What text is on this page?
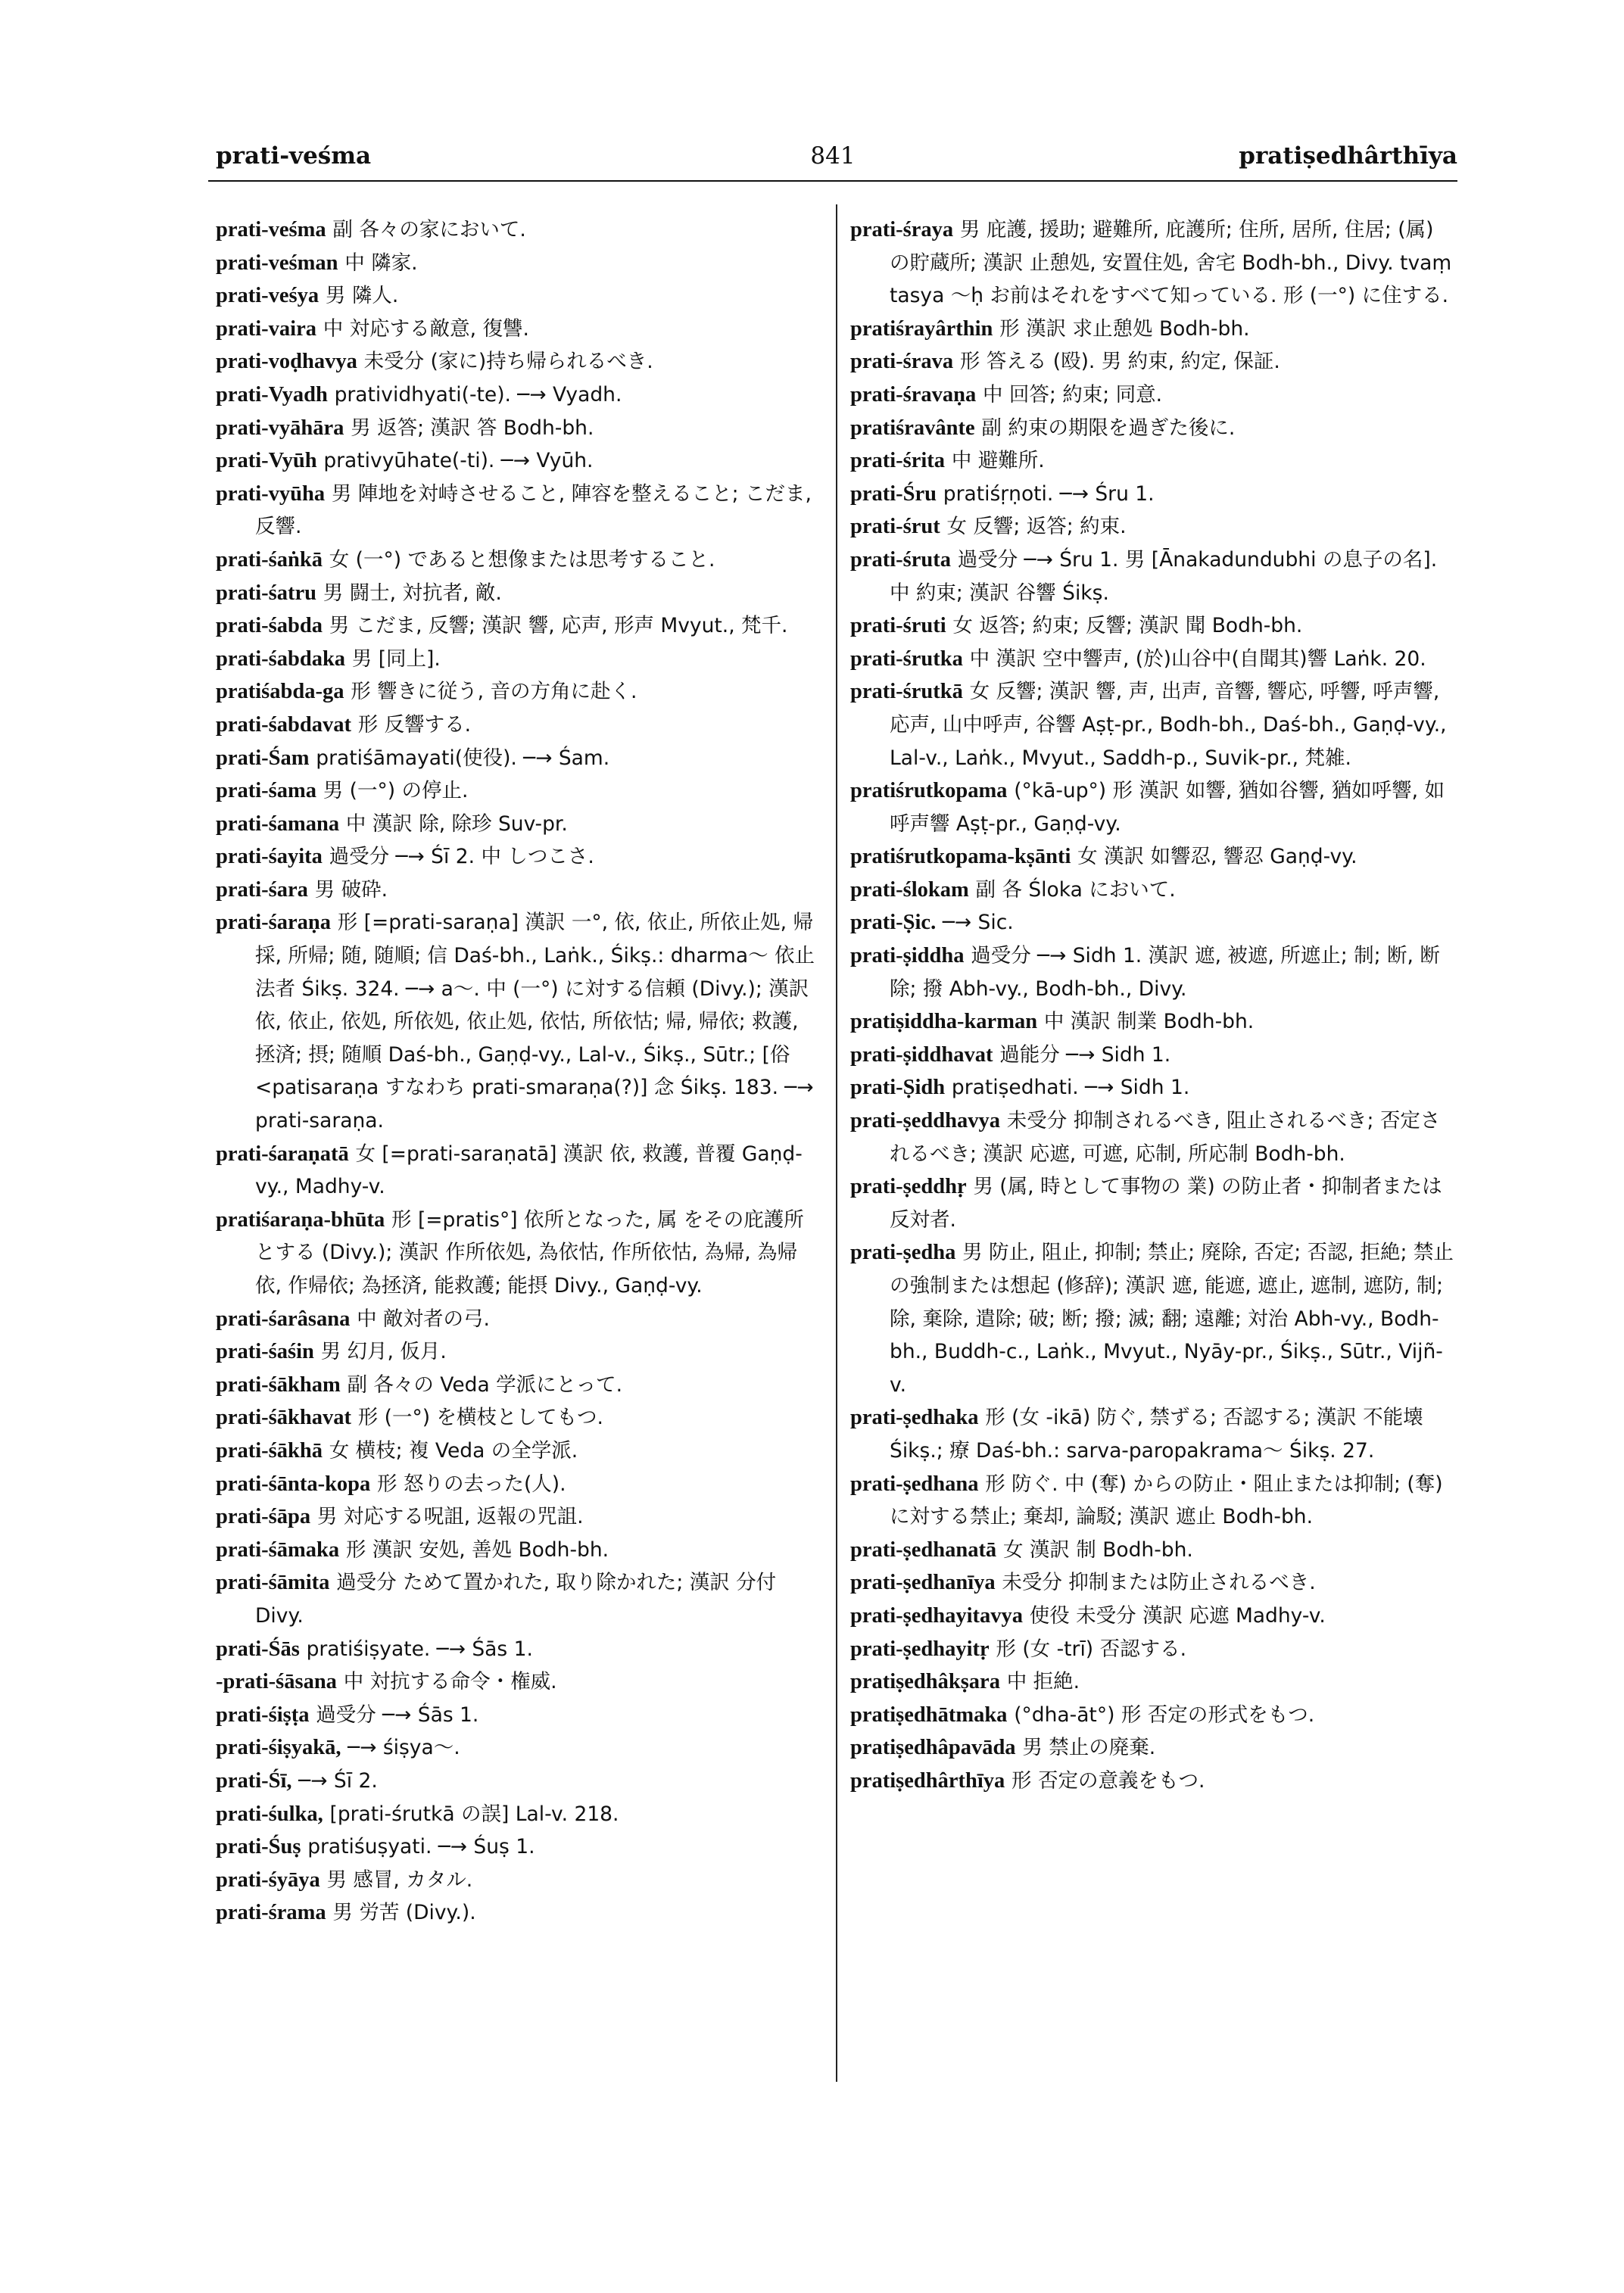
prati-veśma	841	pratiṣedhârthīya

prati-veśma 副 各々の家において.

prati-veśman 中 隣家.

prati-veśya 男 隣人.

prati-vaira 中 対応する敵意, 復讐.

prati-voḍhavya 未受分 (家に)持ち帰られるべき.

prati-Vyadh pratividhyati(-te). ─→ Vyadh.

prati-vyāhāra 男 返答; 漢訳 答 Bodh-bh.

prati-Vyūh prativyūhate(-ti). ─→ Vyūh.

prati-vyūha 男 陣地を対峙させること, 陣容を整えること; こだま, 反響.

prati-śaṅkā 女 (一°) であると想像または思考すること.

prati-śatru 男 闘士, 対抗者, 敵.

prati-śabda 男 こだま, 反響; 漢訳 響, 応声, 形声 Mvyut., 梵千.

prati-śabdaka 男 [同上].

pratiśabda-ga 形 響きに従う, 音の方角に赴く.

prati-śabdavat 形 反響する.

prati-Śam pratiśāmayati(使役). ─→ Śam.

prati-śama 男 (一°) の停止.

prati-śamana 中 漢訳 除, 除珍 Suv-pr.

prati-śayita 過受分 ─→ Śī 2. 中 しつこさ.

prati-śara 男 破砕.

prati-śaraṇa 形 [=prati-saraṇa] 漢訳 一°, 依, 依止, 所依止処, 帰採, 所帰; 随, 随順; 信 Daś-bh., Laṅk., Śikṣ.: dharma～ 依止法者 Śikṣ. 324. ─→ a～. 中 (一°) に対する信頼 (Divy.); 漢訳 依, 依止, 依処, 所依処, 依止処, 依怙, 所依怙; 帰, 帰依; 救護, 拯済; 摂; 随順 Daś-bh., Gaṇḍ-vy., Lal-v., Śikṣ., Sūtr.; [俗 <patisaraṇa すなわち prati-smaraṇa(?)] 念 Śikṣ. 183. ─→ prati-saraṇa.

prati-śaraṇatā 女 [=prati-saraṇatā] 漢訳 依, 救護, 普覆 Gaṇḍ-vy., Madhy-v.

pratiśaraṇa-bhūta 形 [=pratis°] 依所となった, 属 をその庇護所とする (Divy.); 漢訳 作所依処, 為依怙, 作所依怙, 為帰, 為帰依, 作帰依; 為拯済, 能救護; 能摂 Divy., Gaṇḍ-vy.

prati-śarâsana 中 敵対者の弓.

prati-śaśin 男 幻月, 仮月.

prati-śākham 副 各々の Veda 学派にとって.

prati-śākhavat 形 (一°) を横枝としてもつ.

prati-śākhā 女 横枝; 複 Veda の全学派.

prati-śānta-kopa 形 怒りの去った(人).

prati-śāpa 男 対応する呪詛, 返報の咒詛.

prati-śāmaka 形 漢訳 安処, 善処 Bodh-bh.

prati-śāmita 過受分 ためて置かれた, 取り除かれた; 漢訳 分付 Divy.

prati-Śās pratiśiṣyate. ─→ Śās 1.

-prati-śāsana 中 対抗する命令・権威.

prati-śiṣṭa 過受分 ─→ Śās 1.

prati-śiṣyakā, ─→ śiṣya～.

prati-Śī, ─→ Śī 2.

prati-śulka, [prati-śrutkā の誤] Lal-v. 218.

prati-Śuṣ pratiśuṣyati. ─→ Śuṣ 1.

prati-śyāya 男 感冒, カタル.

prati-śrama 男 労苦 (Divy.).

prati-śraya 男 庇護, 援助; 避難所, 庇護所; 住所, 居所, 住居; (属) の貯蔵所; 漢訳 止憩処, 安置住処, 舍宅 Bodh-bh., Divy. tvaṃ tasya ～ḥ お前はそれをすべて知っている. 形 (一°) に住する.

pratiśrayârthin 形 漢訳 求止憩処 Bodh-bh.

prati-śrava 形 答える (殴). 男 約束, 約定, 保証.

prati-śravaṇa 中 回答; 約束; 同意.

pratiśravânte 副 約束の期限を過ぎた後に.

prati-śrita 中 避難所.

prati-Śru pratiśṛṇoti. ─→ Śru 1.

prati-śrut 女 反響; 返答; 約束.

prati-śruta 過受分 ─→ Śru 1. 男 [Ānakadundubhi の息子の名]. 中 約束; 漢訳 谷響 Śikṣ.

prati-śruti 女 返答; 約束; 反響; 漢訳 聞 Bodh-bh.

prati-śrutka 中 漢訳 空中響声, (於)山谷中(自聞其)響 Laṅk. 20.

prati-śrutkā 女 反響; 漢訳 響, 声, 出声, 音響, 響応, 呼響, 呼声響, 応声, 山中呼声, 谷響 Aṣṭ-pr., Bodh-bh., Daś-bh., Gaṇḍ-vy., Lal-v., Laṅk., Mvyut., Saddh-p., Suvik-pr., 梵雑.

pratiśrutkopama (°kā-up°) 形 漢訳 如響, 猶如谷響, 猶如呼響, 如呼声響 Aṣṭ-pr., Gaṇḍ-vy.

pratiśrutkopama-kṣānti 女 漢訳 如響忍, 響忍 Gaṇḍ-vy.

prati-ślokam 副 各 Śloka において.

prati-Ṣic. ─→ Sic.

prati-ṣiddha 過受分 ─→ Sidh 1. 漢訳 遮, 被遮, 所遮止; 制; 断, 断除; 撥 Abh-vy., Bodh-bh., Divy.

pratiṣiddha-karman 中 漢訳 制業 Bodh-bh.

prati-ṣiddhavat 過能分 ─→ Sidh 1.

prati-Ṣidh pratiṣedhati. ─→ Sidh 1.

prati-ṣeddhavya 未受分 抑制されるべき, 阻止されるべき; 否定されるべき; 漢訳 応遮, 可遮, 応制, 所応制 Bodh-bh.

prati-ṣeddhṛ 男 (属, 時として事物の 業) の防止者・抑制者または反対者.

prati-ṣedha 男 防止, 阻止, 抑制; 禁止; 廃除, 否定; 否認, 拒絶; 禁止の強制または想起 (修辞); 漢訳 遮, 能遮, 遮止, 遮制, 遮防, 制; 除, 棄除, 遣除; 破; 断; 撥; 滅; 翻; 遠離; 対治 Abh-vy., Bodh-bh., Buddh-c., Laṅk., Mvyut., Nyāy-pr., Śikṣ., Sūtr., Vijñ-v.

prati-ṣedhaka 形 (女 -ikā) 防ぐ, 禁ずる; 否認する; 漢訳 不能壊 Śikṣ.; 療 Daś-bh.: sarva-paropakrama～ Śikṣ. 27.

prati-ṣedhana 形 防ぐ. 中 (奪) からの防止・阻止または抑制; (奪) に対する禁止; 棄却, 論駁; 漢訳 遮止 Bodh-bh.

prati-ṣedhanatā 女 漢訳 制 Bodh-bh.

prati-ṣedhanīya 未受分 抑制または防止されるべき.

prati-ṣedhayitavya 使役 未受分 漢訳 応遮 Madhy-v.

prati-ṣedhayitṛ 形 (女 -trī) 否認する.

pratiṣedhâkṣara 中 拒絶.

pratiṣedhātmaka (°dha-āt°) 形 否定の形式をもつ.

pratiṣedhâpavāda 男 禁止の廃棄.

pratiṣedhârthīya 形 否定の意義をもつ.
